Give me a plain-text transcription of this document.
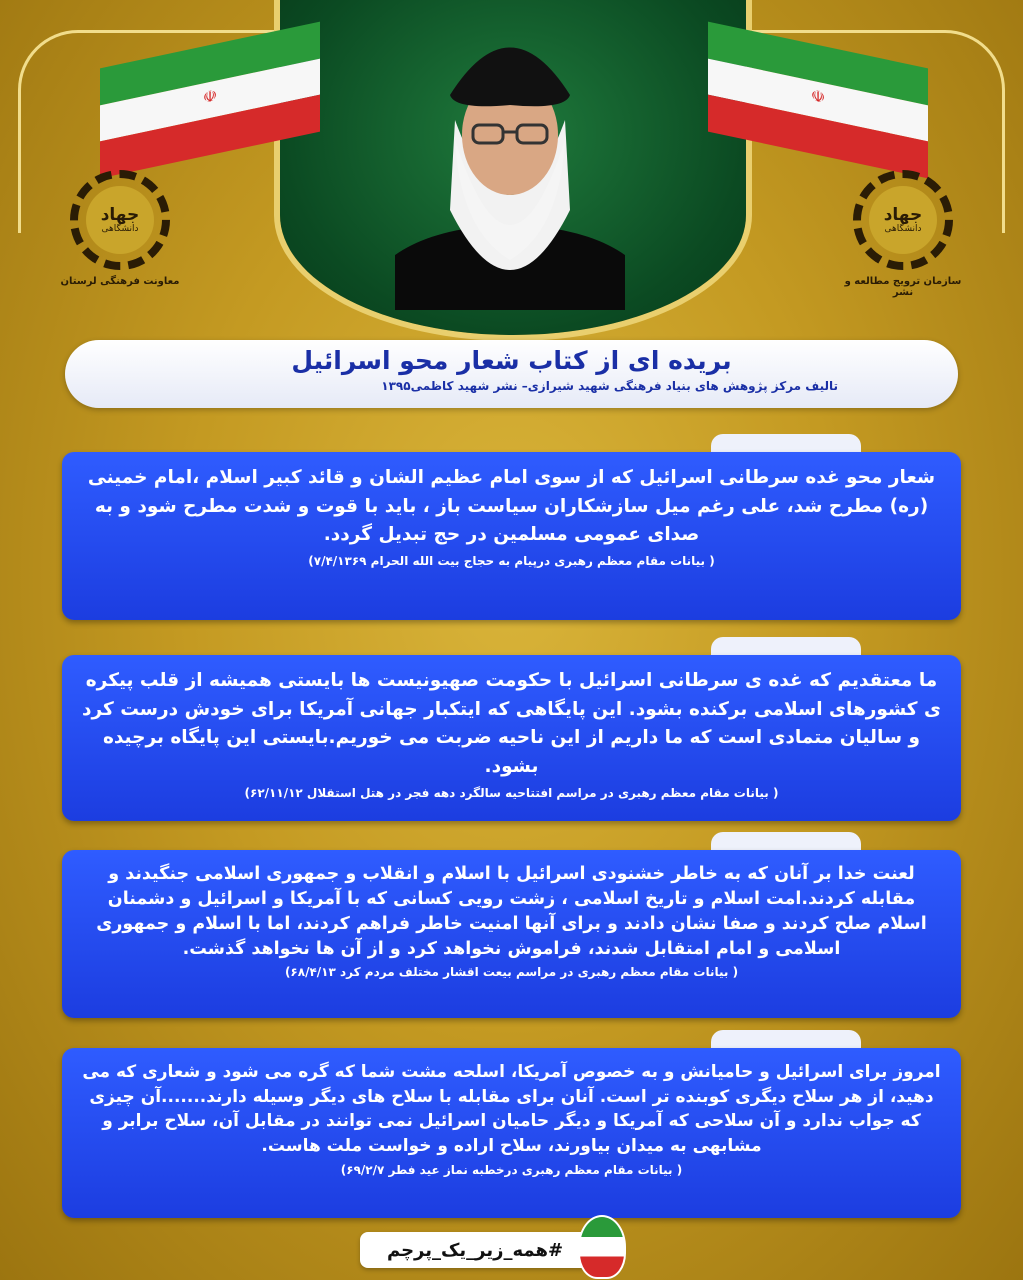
☫	☫
جهاد
دانشگاهی
معاونت فرهنگی لرستان
جهاد
دانشگاهی
سازمان ترویج مطالعه و نشر
بریده ای از کتاب شعار محو اسرائیل
تالیف مرکز پژوهش های بنیاد فرهنگی شهید شیرازی– نشر شهید کاظمی۱۳۹۵
شعار محو غده سرطانی اسرائیل که از سوی امام عظیم الشان و قائد کبیر اسلام ،امام خمینی (ره) مطرح شد، علی رغم میل سازشکاران سیاست باز ، باید با قوت و شدت مطرح شود و به صدای عمومی مسلمین در حج تبدیل گردد.
( بیانات مقام معظم رهبری درپیام به حجاج بیت الله الحرام ۷/۴/۱۳۶۹)
ما معتقدیم که غده ی سرطانی اسرائیل با حکومت صهیونیست ها بایستی همیشه از قلب پیکره ی کشورهای اسلامی برکنده بشود. این پایگاهی که ایتکبار جهانی آمریکا برای خودش درست کرد و سالیان متمادی است که ما داریم از این ناحیه ضربت می خوریم.بایستی این پایگاه برچیده بشود.
( بیانات مقام معظم رهبری در مراسم افتتاحیه سالگرد دهه فجر در هتل استقلال ۶۲/۱۱/۱۲)
لعنت خدا بر آنان که به خاطر خشنودی اسرائیل با اسلام و انقلاب و جمهوری اسلامی جنگیدند و مقابله کردند.امت اسلام و تاریخ اسلامی ، زشت رویی کسانی که با آمریکا و اسرائیل و دشمنان اسلام صلح کردند و صفا نشان دادند و برای آنها امنیت خاطر فراهم کردند، اما با اسلام و جمهوری اسلامی و امام امتقابل شدند، فراموش نخواهد کرد و از آن ها نخواهد گذشت.
( بیانات مقام معظم رهبری در مراسم بیعت اقشار مختلف مردم کرد ۶۸/۴/۱۳)
امروز برای اسرائیل و حامیانش و به خصوص آمریکا، اسلحه مشت شما که گره می شود و شعاری که می دهید، از هر سلاح دیگری کوبنده تر است. آنان برای مقابله با سلاح های دیگر وسیله دارند.......آن چیزی که جواب ندارد و آن سلاحی که آمریکا و دیگر حامیان اسرائیل نمی توانند در مقابل آن، سلاح برابر و مشابهی به میدان بیاورند، سلاح اراده و خواست ملت هاست.
( بیانات مقام معظم رهبری درخطبه نماز عید فطر ۶۹/۲/۷)
#همه_زیر_یک_پرچم
